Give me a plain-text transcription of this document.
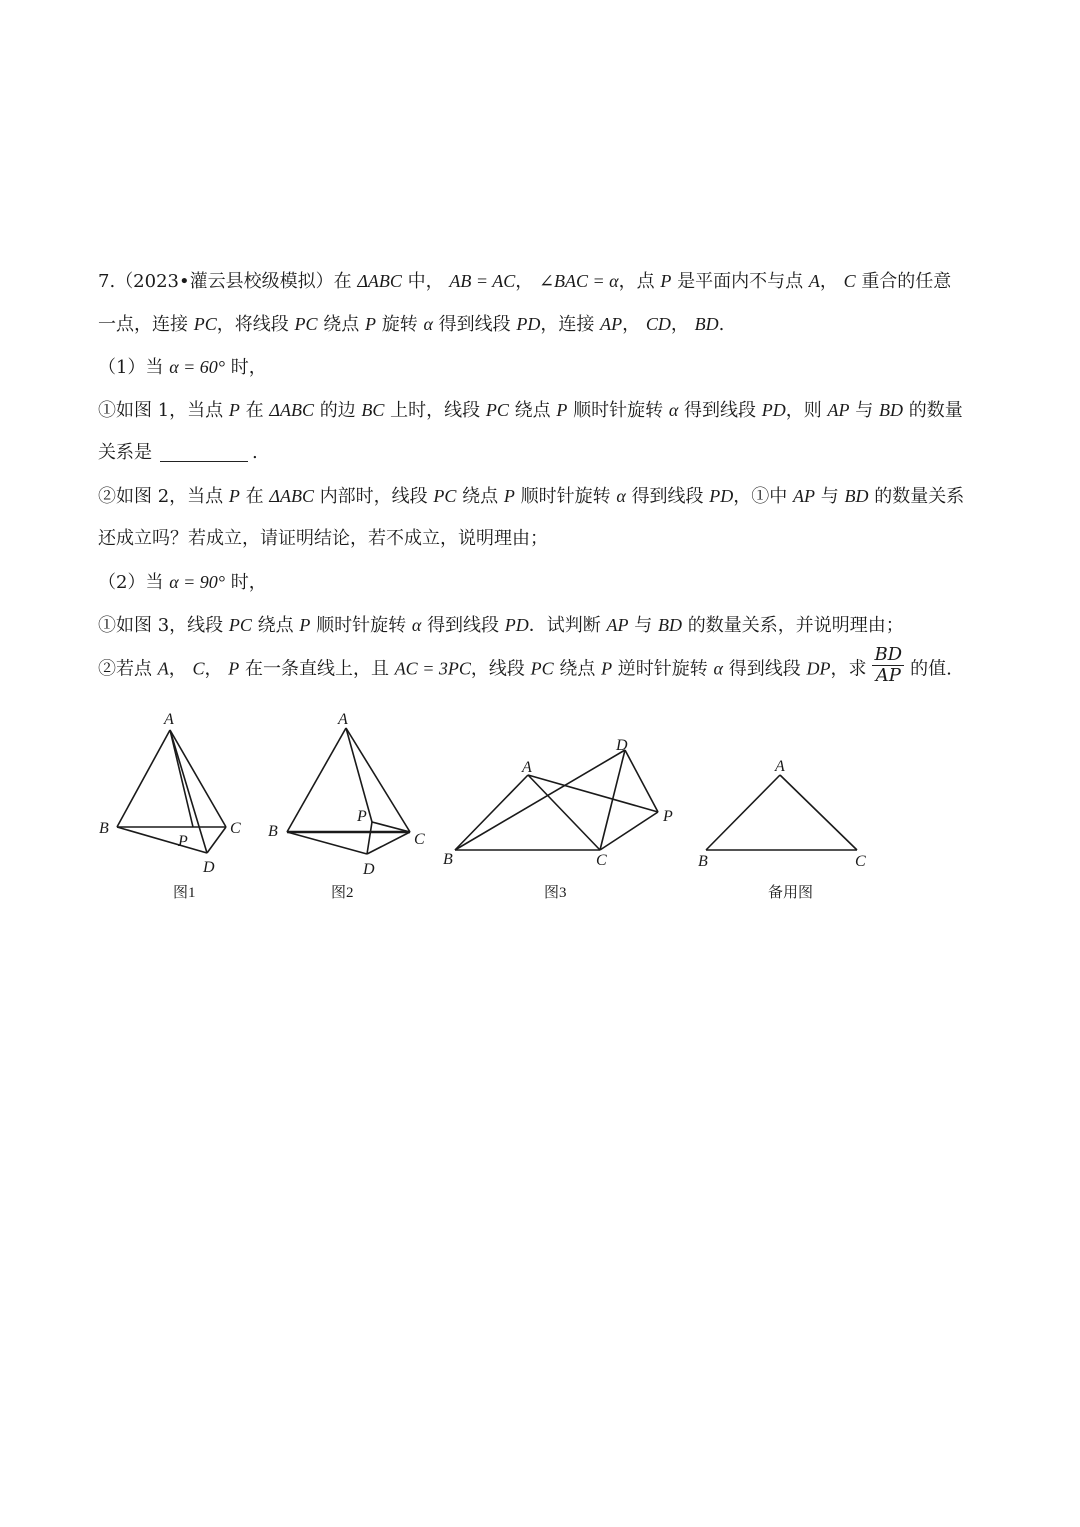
7.（2023•灌云县校级模拟）在 ΔABC 中， AB = AC， ∠BAC = α，点 P 是平面内不与点 A， C 重合的任意
一点，连接 PC，将线段 PC 绕点 P 旋转 α 得到线段 PD，连接 AP， CD， BD.
（1）当 α = 60° 时，
①如图 1，当点 P 在 ΔABC 的边 BC 上时，线段 PC 绕点 P 顺时针旋转 α 得到线段 PD，则 AP 与 BD 的数量
关系是	.
②如图 2，当点 P 在 ΔABC 内部时，线段 PC 绕点 P 顺时针旋转 α 得到线段 PD，①中 AP 与 BD 的数量关系
还成立吗？若成立，请证明结论，若不成立，说明理由；
（2）当 α = 90° 时，
①如图 3，线段 PC 绕点 P 顺时针旋转 α 得到线段 PD．试判断 AP 与 BD 的数量关系，并说明理由；
②若点 A， C， P 在一条直线上，且 AC = 3PC，线段 PC 绕点 P 逆时针旋转 α 得到线段 DP，求 $\frac{BD}{AP}$ 的值.
A
B	C
P
D
图1
A
B	C
P
D
图2
A
B	C
P
D
图3
A
B	C
备用图
